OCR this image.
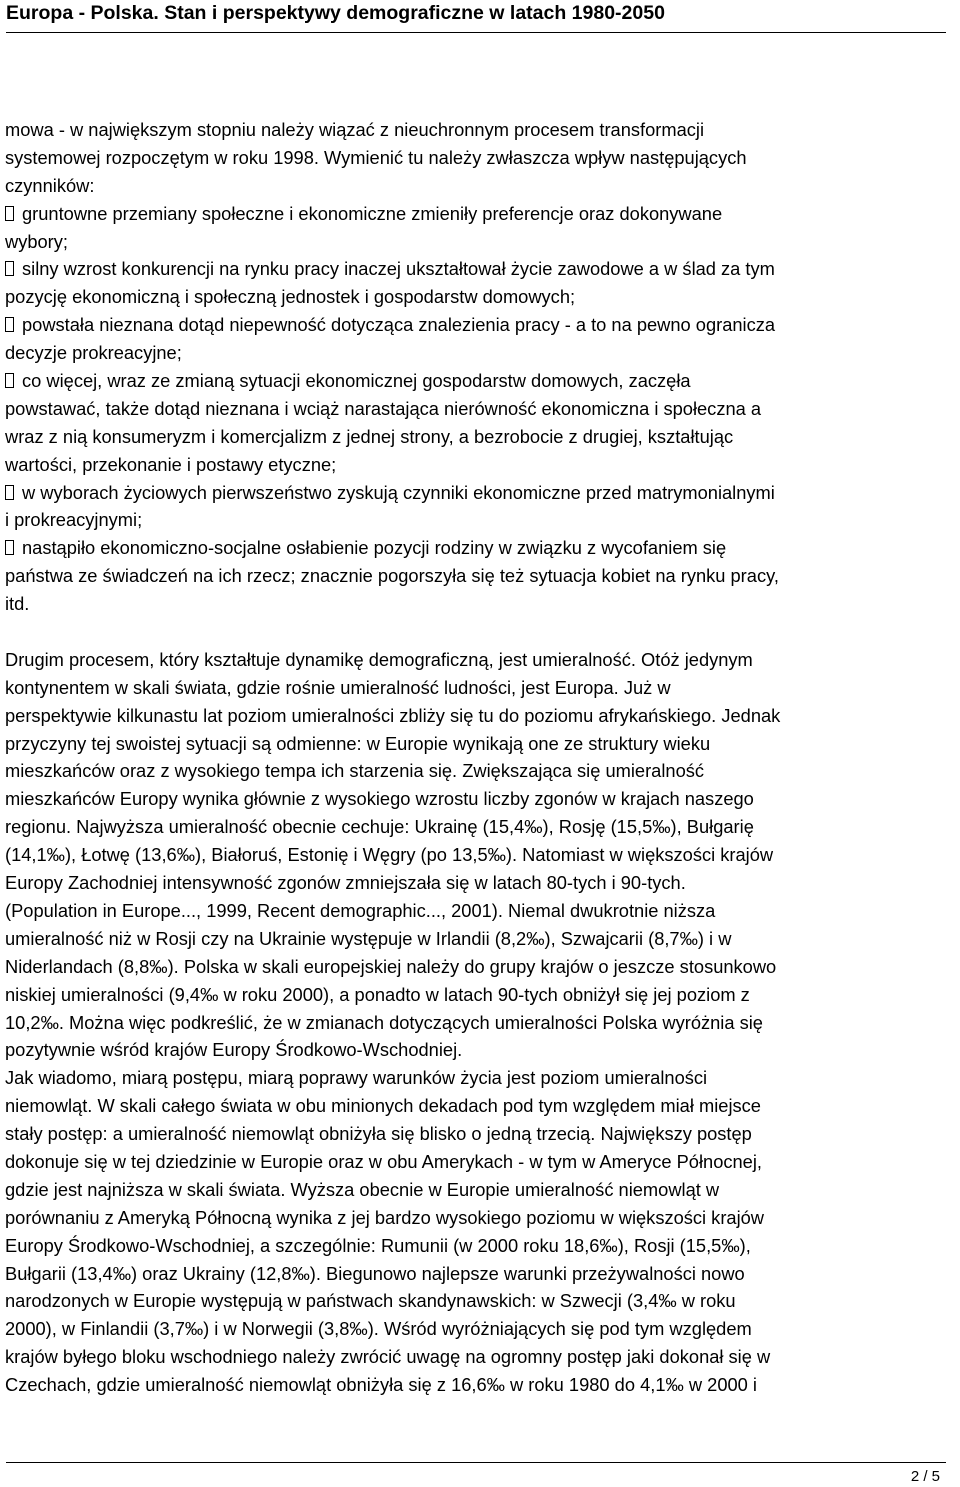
Europa - Polska. Stan i perspektywy demograficzne w latach 1980-2050
mowa - w największym stopniu należy wiązać z nieuchronnym procesem transformacji
systemowej rozpoczętym w roku 1998. Wymienić tu należy zwłaszcza wpływ następujących
czynników:
gruntowne przemiany społeczne i ekonomiczne zmieniły preferencje oraz dokonywane
wybory;
silny wzrost konkurencji na rynku pracy inaczej ukształtował życie zawodowe a w ślad za tym
pozycję ekonomiczną i społeczną jednostek i gospodarstw domowych;
powstała nieznana dotąd niepewność dotycząca znalezienia pracy - a to na pewno ogranicza
decyzje prokreacyjne;
co więcej, wraz ze zmianą sytuacji ekonomicznej gospodarstw domowych, zaczęła
powstawać, także dotąd nieznana i wciąż narastająca nierówność ekonomiczna i społeczna a
wraz z nią konsumeryzm i komercjalizm z jednej strony, a bezrobocie z drugiej, kształtując
wartości, przekonanie i postawy etyczne;
w wyborach życiowych pierwszeństwo zyskują czynniki ekonomiczne przed matrymonialnymi
i prokreacyjnymi;
nastąpiło ekonomiczno-socjalne osłabienie pozycji rodziny w związku z wycofaniem się
państwa ze świadczeń na ich rzecz; znacznie pogorszyła się też sytuacja kobiet na rynku pracy,
itd.
Drugim procesem, który kształtuje dynamikę demograficzną, jest umieralność. Otóż jedynym
kontynentem w skali świata, gdzie rośnie umieralność ludności, jest Europa. Już w
perspektywie kilkunastu lat poziom umieralności zbliży się tu do poziomu afrykańskiego. Jednak
przyczyny tej swoistej sytuacji są odmienne: w Europie wynikają one ze struktury wieku
mieszkańców oraz z wysokiego tempa ich starzenia się. Zwiększająca się umieralność
mieszkańców Europy wynika głównie z wysokiego wzrostu liczby zgonów w krajach naszego
regionu. Najwyższa umieralność obecnie cechuje: Ukrainę (15,4‰), Rosję (15,5‰), Bułgarię
(14,1‰), Łotwę (13,6‰), Białoruś, Estonię i Węgry (po 13,5‰). Natomiast w większości krajów
Europy Zachodniej intensywność zgonów zmniejszała się w latach 80-tych i 90-tych.
(Population in Europe..., 1999, Recent demographic..., 2001). Niemal dwukrotnie niższa
umieralność niż w Rosji czy na Ukrainie występuje w Irlandii (8,2‰), Szwajcarii (8,7‰) i w
Niderlandach (8,8‰). Polska w skali europejskiej należy do grupy krajów o jeszcze stosunkowo
niskiej umieralności (9,4‰ w roku 2000), a ponadto w latach 90-tych obniżył się jej poziom z
10,2‰. Można więc podkreślić, że w zmianach dotyczących umieralności Polska wyróżnia się
pozytywnie wśród krajów Europy Środkowo-Wschodniej.
Jak wiadomo, miarą postępu, miarą poprawy warunków życia jest poziom umieralności
niemowląt. W skali całego świata w obu minionych dekadach pod tym względem miał miejsce
stały postęp: a umieralność niemowląt obniżyła się blisko o jedną trzecią. Największy postęp
dokonuje się w tej dziedzinie w Europie oraz w obu Amerykach - w tym w Ameryce Północnej,
gdzie jest najniższa w skali świata. Wyższa obecnie w Europie umieralność niemowląt w
porównaniu z Ameryką Północną wynika z jej bardzo wysokiego poziomu w większości krajów
Europy Środkowo-Wschodniej, a szczególnie: Rumunii (w 2000 roku 18,6‰), Rosji (15,5‰),
Bułgarii (13,4‰) oraz Ukrainy (12,8‰). Biegunowo najlepsze warunki przeżywalności nowo
narodzonych w Europie występują w państwach skandynawskich: w Szwecji (3,4‰ w roku
2000), w Finlandii (3,7‰) i w Norwegii (3,8‰). Wśród wyróżniających się pod tym względem
krajów byłego bloku wschodniego należy zwrócić uwagę na ogromny postęp jaki dokonał się w
Czechach, gdzie umieralność niemowląt obniżyła się z 16,6‰ w roku 1980 do 4,1‰ w 2000 i
2 / 5
